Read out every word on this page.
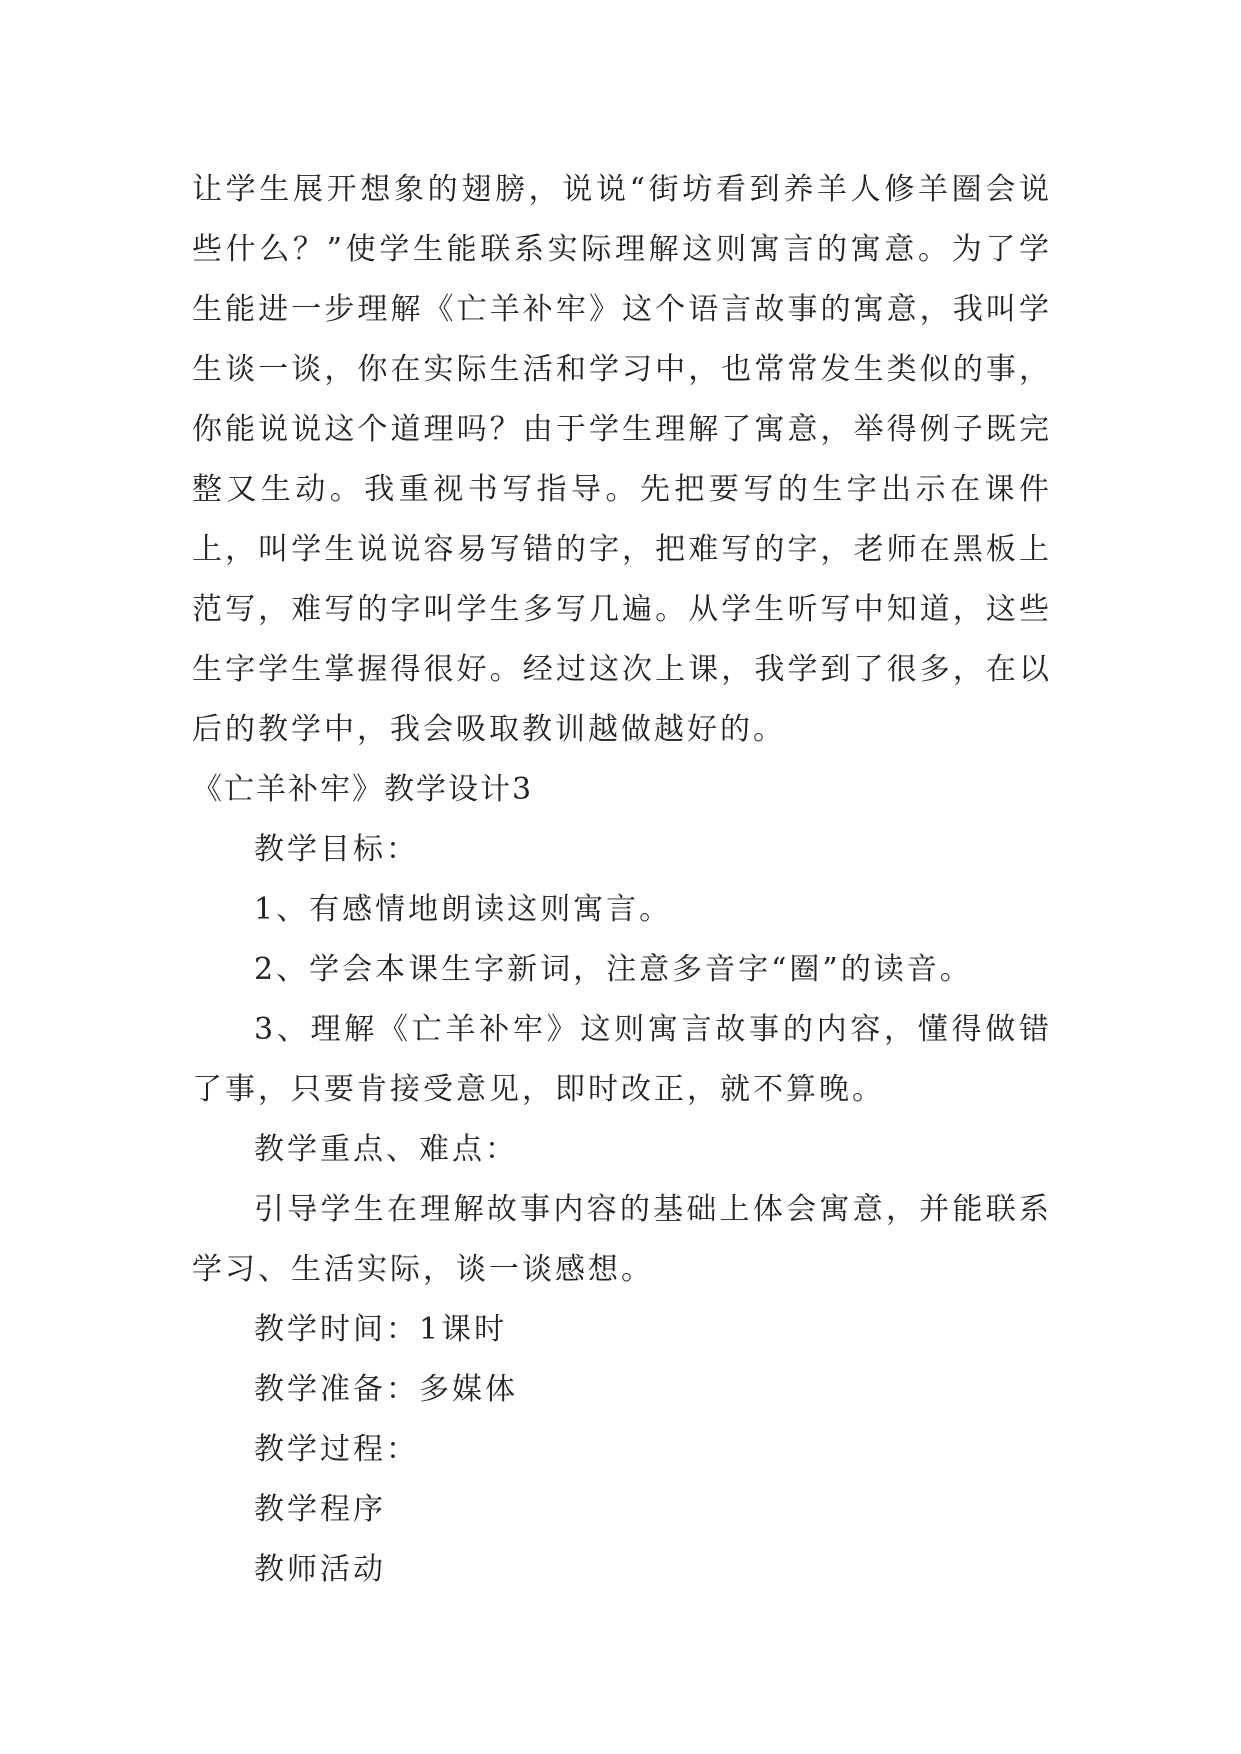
让学生展开想象的翅膀，说说“街坊看到养羊人修羊圈会说些什么？”使学生能联系实际理解这则寓言的寓意。为了学生能进一步理解《亡羊补牢》这个语言故事的寓意，我叫学生谈一谈，你在实际生活和学习中，也常常发生类似的事，你能说说这个道理吗？由于学生理解了寓意，举得例子既完整又生动。我重视书写指导。先把要写的生字出示在课件上，叫学生说说容易写错的字，把难写的字，老师在黑板上范写，难写的字叫学生多写几遍。从学生听写中知道，这些生字学生掌握得很好。经过这次上课，我学到了很多，在以后的教学中，我会吸取教训越做越好的。

《亡羊补牢》教学设计3

教学目标：

1、有感情地朗读这则寓言。

2、学会本课生字新词，注意多音字“圈”的读音。

3、理解《亡羊补牢》这则寓言故事的内容，懂得做错了事，只要肯接受意见，即时改正，就不算晚。

教学重点、难点：

引导学生在理解故事内容的基础上体会寓意，并能联系学习、生活实际，谈一谈感想。

教学时间：1课时

教学准备：多媒体

教学过程：

教学程序

教师活动
